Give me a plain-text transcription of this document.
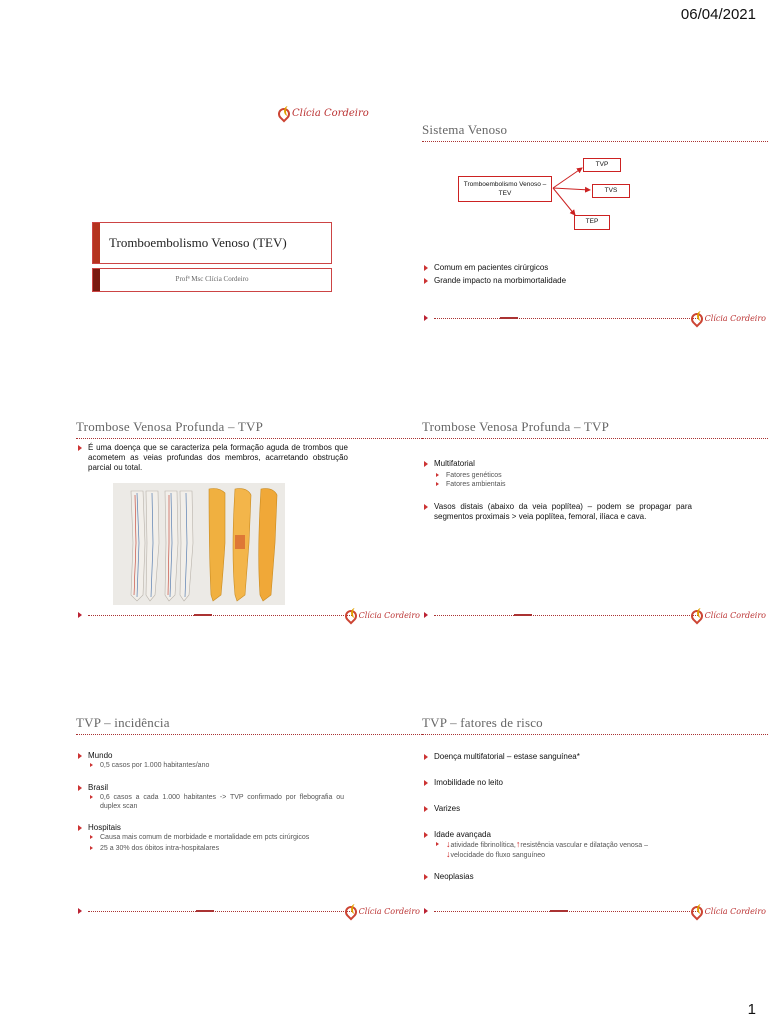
06/04/2021
Clícia Cordeiro
Tromboembolismo Venoso (TEV)
Profª Msc Clícia Cordeiro
Sistema Venoso
Tromboembolismo Venoso – TEV
TVP
TVS
TEP
Comum em pacientes cirúrgicos
Grande impacto na morbimortalidade
Clícia Cordeiro
Trombose Venosa Profunda – TVP
É uma doença que se caracteriza pela formação aguda de trombos que acometem as veias profundas dos membros, acarretando obstrução parcial ou total.
Clícia Cordeiro
Trombose Venosa Profunda – TVP
Multifatorial
Fatores genéticos
Fatores ambientais
Vasos distais (abaixo da veia poplítea) – podem se propagar para segmentos proximais > veia poplítea, femoral, ilíaca e cava.
Clícia Cordeiro
TVP – incidência
Mundo
0,5 casos por 1.000 habitantes/ano
Brasil
0,6 casos a cada 1.000 habitantes -> TVP confirmado por flebografia ou duplex scan
Hospitais
Causa mais comum de morbidade e mortalidade em pcts cirúrgicos
25 a 30% dos óbitos intra-hospitalares
Clícia Cordeiro
TVP – fatores de risco
Doença multifatorial – estase sanguínea*
Imobilidade no leito
Varizes
Idade avançada
↓atividade fibrinolítica,↑resistência vascular e dilatação venosa –
↓velocidade do fluxo sanguíneo
Neoplasias
Clícia Cordeiro
1
